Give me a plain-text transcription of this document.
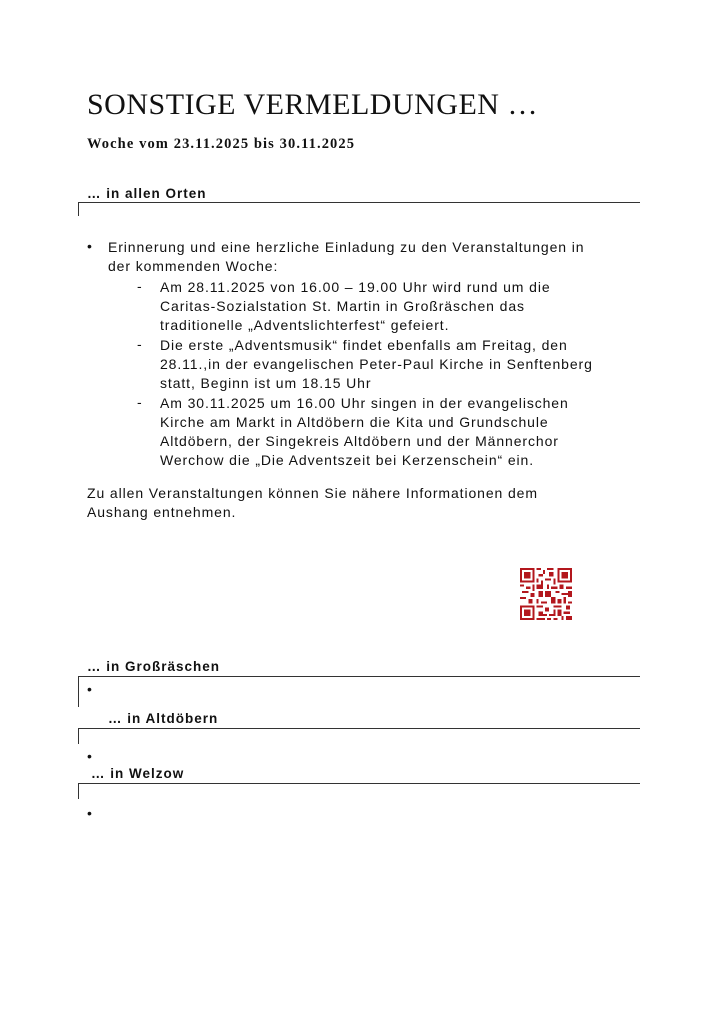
SONSTIGE VERMELDUNGEN …
Woche vom 23.11.2025 bis 30.11.2025
… in allen Orten
• Erinnerung und eine herzliche Einladung zu den Veranstaltungen in
der kommenden Woche:
- Am 28.11.2025 von 16.00 – 19.00 Uhr wird rund um die
Caritas-Sozialstation St. Martin in Großräschen das
traditionelle „Adventslichterfest“ gefeiert.
- Die erste „Adventsmusik“ findet ebenfalls am Freitag, den
28.11.,in der evangelischen Peter-Paul Kirche in Senftenberg
statt, Beginn ist um 18.15 Uhr
- Am 30.11.2025 um 16.00 Uhr singen in der evangelischen
Kirche am Markt in Altdöbern die Kita und Grundschule
Altdöbern, der Singekreis Altdöbern und der Männerchor
Werchow die „Die Adventszeit bei Kerzenschein“ ein.
Zu allen Veranstaltungen können Sie nähere Informationen dem
Aushang entnehmen.
… in Großräschen
•
… in Altdöbern
•
… in Welzow
•
